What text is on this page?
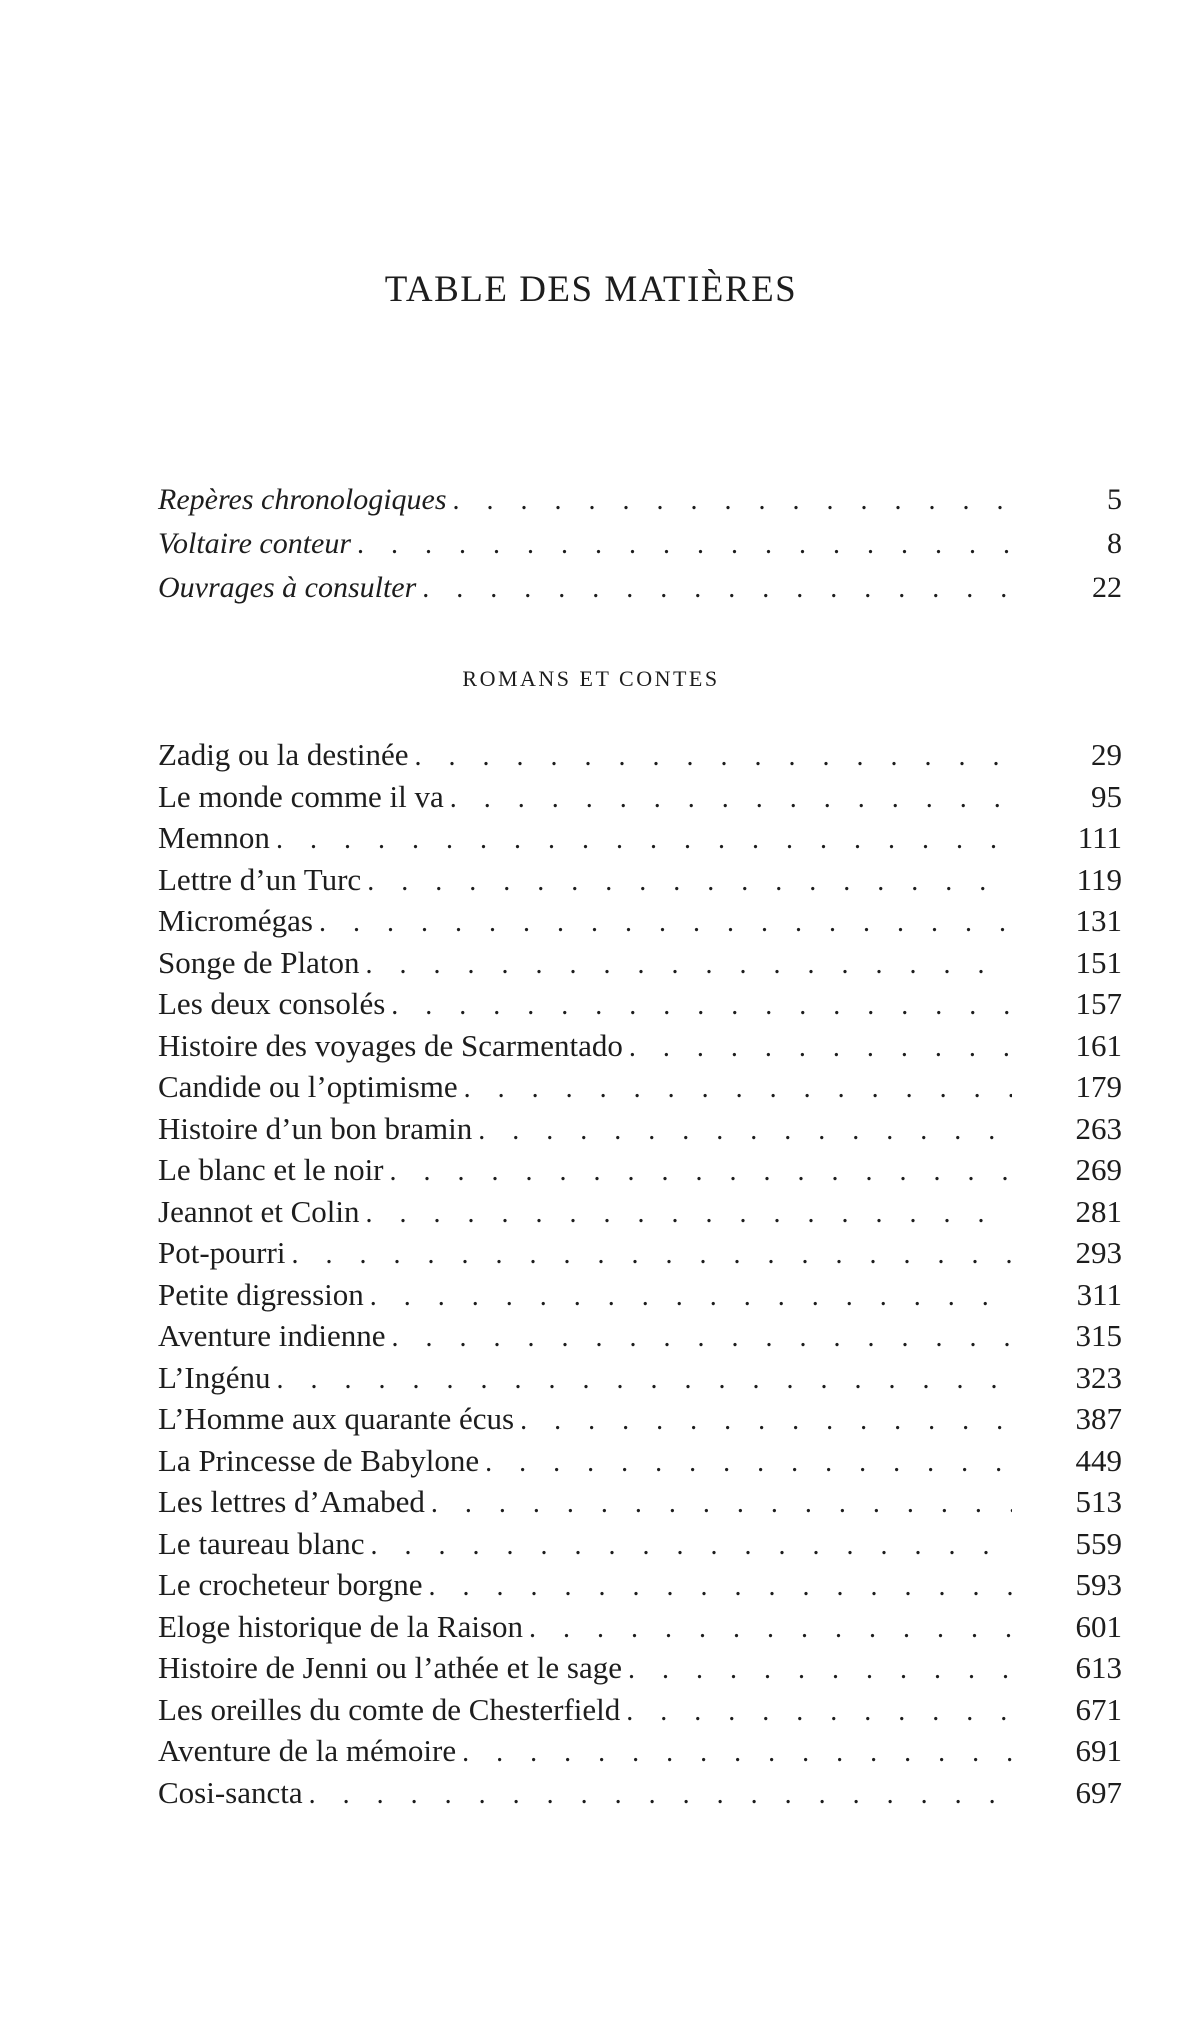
TABLE DES MATIÈRES
Repères chronologiques . . .	5
Voltaire conteur . . .	8
Ouvrages à consulter . . .	22
ROMANS ET CONTES
Zadig ou la destinée . . .	29
Le monde comme il va . . .	95
Memnon . . .	111
Lettre d’un Turc . . .	119
Micromégas . . .	131
Songe de Platon . . .	151
Les deux consolés . . .	157
Histoire des voyages de Scarmentado . . .	161
Candide ou l’optimisme . . .	179
Histoire d’un bon bramin . . .	263
Le blanc et le noir . . .	269
Jeannot et Colin . . .	281
Pot-pourri . . .	293
Petite digression . . .	311
Aventure indienne . . .	315
L’Ingénu . . .	323
L’Homme aux quarante écus . . .	387
La Princesse de Babylone . . .	449
Les lettres d’Amabed . . .	513
Le taureau blanc . . .	559
Le crocheteur borgne . . .	593
Eloge historique de la Raison . . .	601
Histoire de Jenni ou l’athée et le sage . . .	613
Les oreilles du comte de Chesterfield . . .	671
Aventure de la mémoire . . .	691
Cosi-sancta . . .	697
